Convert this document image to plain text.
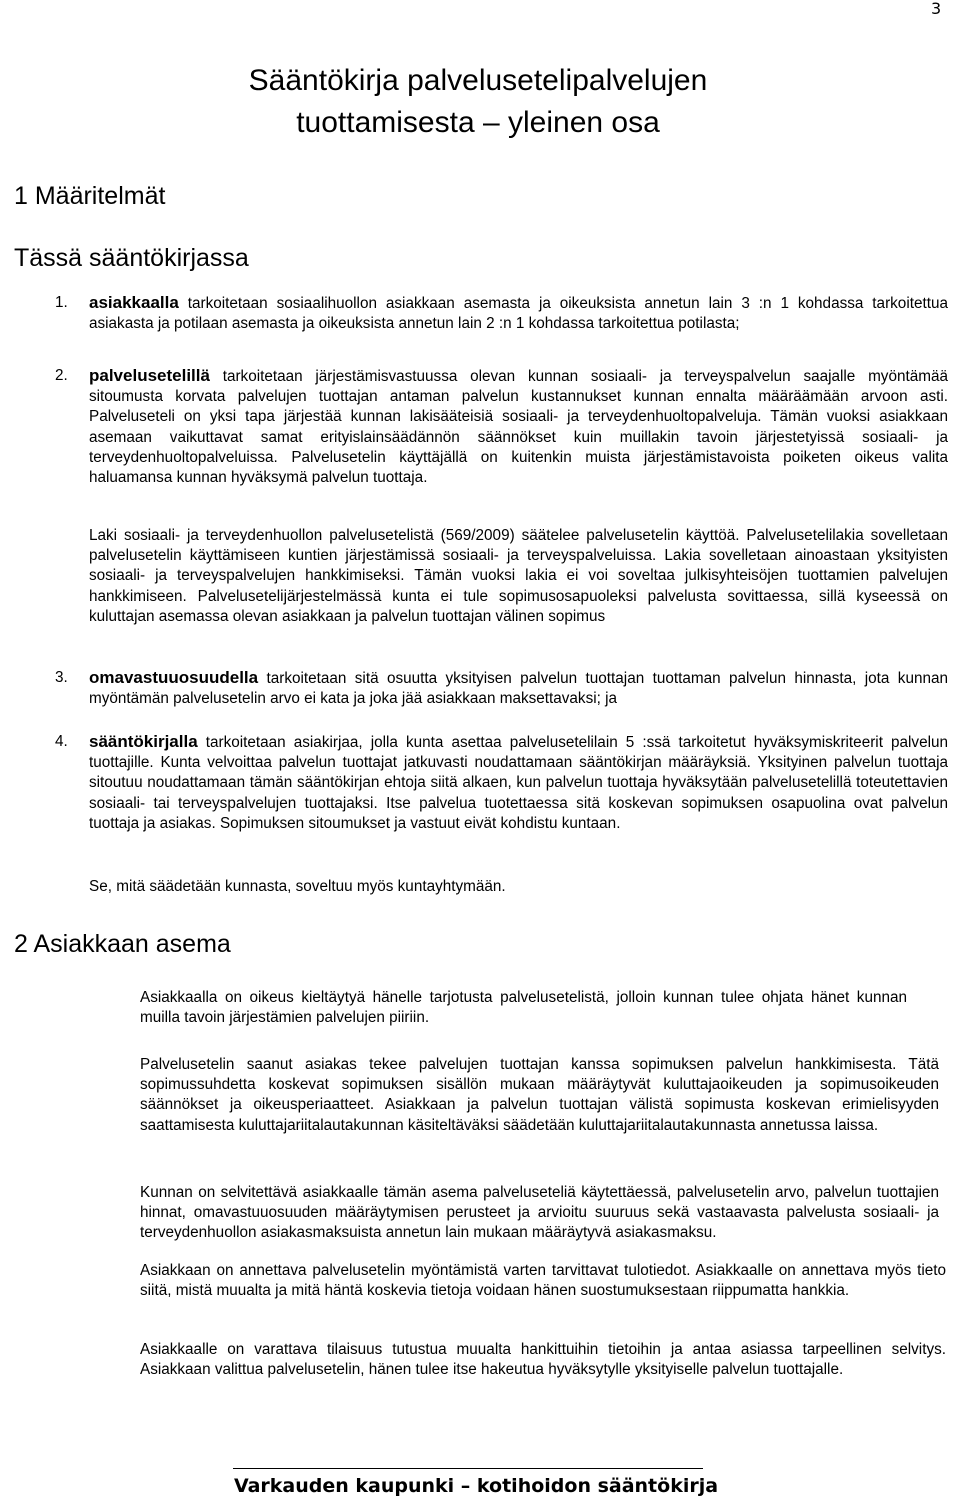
3
Sääntökirja palvelusetelipalvelujen
tuottamisesta – yleinen osa
1 Määritelmät
Tässä sääntökirjassa
1. asiakkaalla tarkoitetaan sosiaalihuollon asiakkaan asemasta ja oikeuksista annetun lain 3 :n 1 kohdassa tarkoitettua asiakasta ja potilaan asemasta ja oikeuksista annetun lain 2 :n 1 kohdassa tarkoitettua potilasta;

2. palvelusetelillä tarkoitetaan järjestämisvastuussa olevan kunnan sosiaali- ja terveyspalvelun saajalle myöntämää sitoumusta korvata palvelujen tuottajan antaman palvelun kustannukset kunnan ennalta määräämään arvoon asti. Palveluseteli on yksi tapa järjestää kunnan lakisääteisiä sosiaali- ja terveydenhuoltopalveluja. Tämän vuoksi asiakkaan asemaan vaikuttavat samat erityislainsäädännön säännökset kuin muillakin tavoin järjestetyissä sosiaali- ja terveydenhuoltopalveluissa. Palvelusetelin käyttäjällä on kuitenkin muista järjestämistavoista poiketen oikeus valita haluamansa kunnan hyväksymä palvelun tuottaja.

Laki sosiaali- ja terveydenhuollon palvelusetelistä (569/2009) säätelee palvelusetelin käyttöä. Palvelusetelilakia sovelletaan palvelusetelin käyttämiseen kuntien järjestämissä sosiaali- ja terveyspalveluissa. Lakia sovelletaan ainoastaan yksityisten sosiaali- ja terveyspalvelujen hankkimiseksi. Tämän vuoksi lakia ei voi soveltaa julkisyhteisöjen tuottamien palvelujen hankkimiseen. Palvelusetelijärjestelmässä kunta ei tule sopimusosapuoleksi palvelusta sovittaessa, sillä kyseessä on kuluttajan asemassa olevan asiakkaan ja palvelun tuottajan välinen sopimus

3. omavastuuosuudella tarkoitetaan sitä osuutta yksityisen palvelun tuottajan tuottaman palvelun hinnasta, jota kunnan myöntämän palvelusetelin arvo ei kata ja joka jää asiakkaan maksettavaksi; ja

4. sääntökirjalla tarkoitetaan asiakirjaa, jolla kunta asettaa palvelusetelilain 5 :ssä tarkoitetut hyväksymiskriteerit palvelun tuottajille. Kunta velvoittaa palvelun tuottajat jatkuvasti noudattamaan sääntökirjan määräyksiä. Yksityinen palvelun tuottaja sitoutuu noudattamaan tämän sääntökirjan ehtoja siitä alkaen, kun palvelun tuottaja hyväksytään palvelusetelillä toteutettavien sosiaali- tai terveyspalvelujen tuottajaksi. Itse palvelua tuotettaessa sitä koskevan sopimuksen osapuolina ovat palvelun tuottaja ja asiakas. Sopimuksen sitoumukset ja vastuut eivät kohdistu kuntaan.

Se, mitä säädetään kunnasta, soveltuu myös kuntayhtymään.

2 Asiakkaan asema

Asiakkaalla on oikeus kieltäytyä hänelle tarjotusta palvelusetelistä, jolloin kunnan tulee ohjata hänet kunnan muilla tavoin järjestämien palvelujen piiriin.

Palvelusetelin saanut asiakas tekee palvelujen tuottajan kanssa sopimuksen palvelun hankkimisesta. Tätä sopimussuhdetta koskevat sopimuksen sisällön mukaan määräytyvät kuluttajaoikeuden ja sopimusoikeuden säännökset ja oikeusperiaatteet. Asiakkaan ja palvelun tuottajan välistä sopimusta koskevan erimielisyyden saattamisesta kuluttajariitalautakunnan käsiteltäväksi säädetään kuluttajariitalautakunnasta annetussa laissa.

Kunnan on selvitettävä asiakkaalle tämän asema palveluseteliä käytettäessä, palvelusetelin arvo, palvelun tuottajien hinnat, omavastuuosuuden määräytymisen perusteet ja arvioitu suuruus sekä vastaavasta palvelusta sosiaali- ja terveydenhuollon asiakasmaksuista annetun lain mukaan määräytyvä asiakasmaksu.

Asiakkaan on annettava palvelusetelin myöntämistä varten tarvittavat tulotiedot. Asiakkaalle on annettava myös tieto siitä, mistä muualta ja mitä häntä koskevia tietoja voidaan hänen suostumuksestaan riippumatta hankkia.

Asiakkaalle on varattava tilaisuus tutustua muualta hankittuihin tietoihin ja antaa asiassa tarpeellinen selvitys. Asiakkaan valittua palvelusetelin, hänen tulee itse hakeutua hyväksytylle yksityiselle palvelun tuottajalle.

Varkauden kaupunki – kotihoidon sääntökirja
